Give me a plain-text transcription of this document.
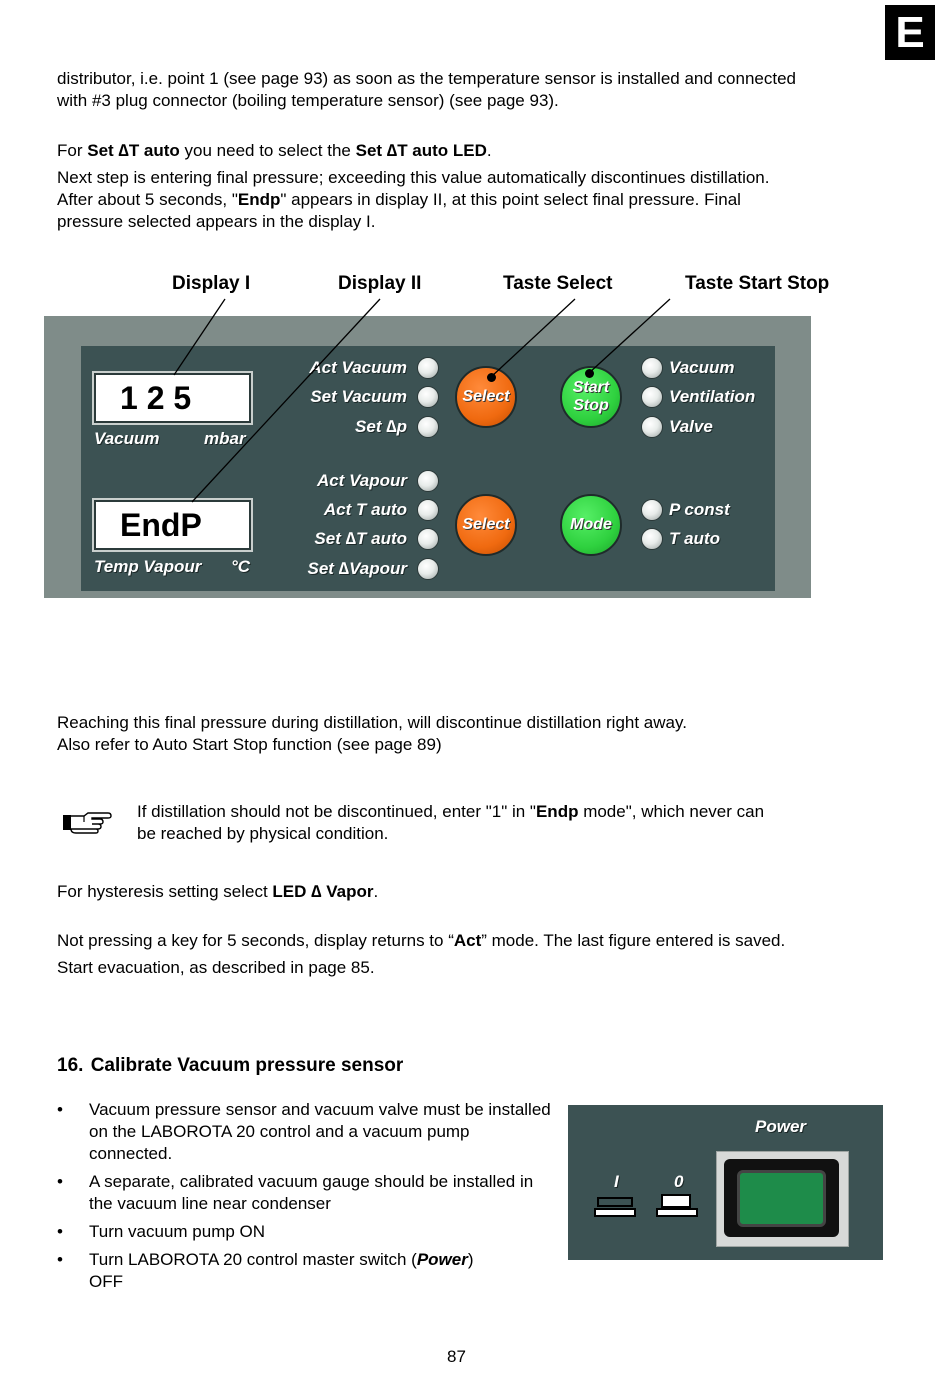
E
distributor, i.e. point 1 (see page 93) as soon as the temperature sensor is installed and connected
with #3 plug connector (boiling temperature sensor) (see page 93).
For Set ∆T auto you need to select the Set ∆T auto LED.
Next step is entering final pressure; exceeding this value automatically discontinues distillation.
After about 5 seconds, "Endp" appears in display II, at this point select final pressure. Final
pressure selected appears in the display I.
Display I	Display II	Taste Select	Taste Start Stop
1 2 5
Vacuum	mbar
EndP
Temp Vapour °C
Act Vacuum
Set Vacuum
Set ∆p
Act Vapour
Act T auto
Set ∆T auto
Set ∆Vapour
Select
Select
Start
Stop
Mode
Vacuum
Ventilation
Valve
P const
T auto
Reaching this final pressure during distillation, will discontinue distillation right away.
Also refer to Auto Start Stop function (see page 89)
If distillation should not be discontinued, enter "1" in "Endp mode", which never can
be reached by physical condition.
For hysteresis setting select LED ∆ Vapor.
Not pressing a key for 5 seconds, display returns to “Act” mode. The last figure entered is saved.
Start evacuation, as described in page 85.
16. Calibrate Vacuum pressure sensor
• Vacuum pressure sensor and vacuum valve must be installed on the LABOROTA 20 control and a vacuum pump connected.
• A separate, calibrated vacuum gauge should be installed in the vacuum line near condenser
• Turn vacuum pump ON
• Turn LABOROTA 20 control master switch (Power)
OFF
Power
I	0
87
